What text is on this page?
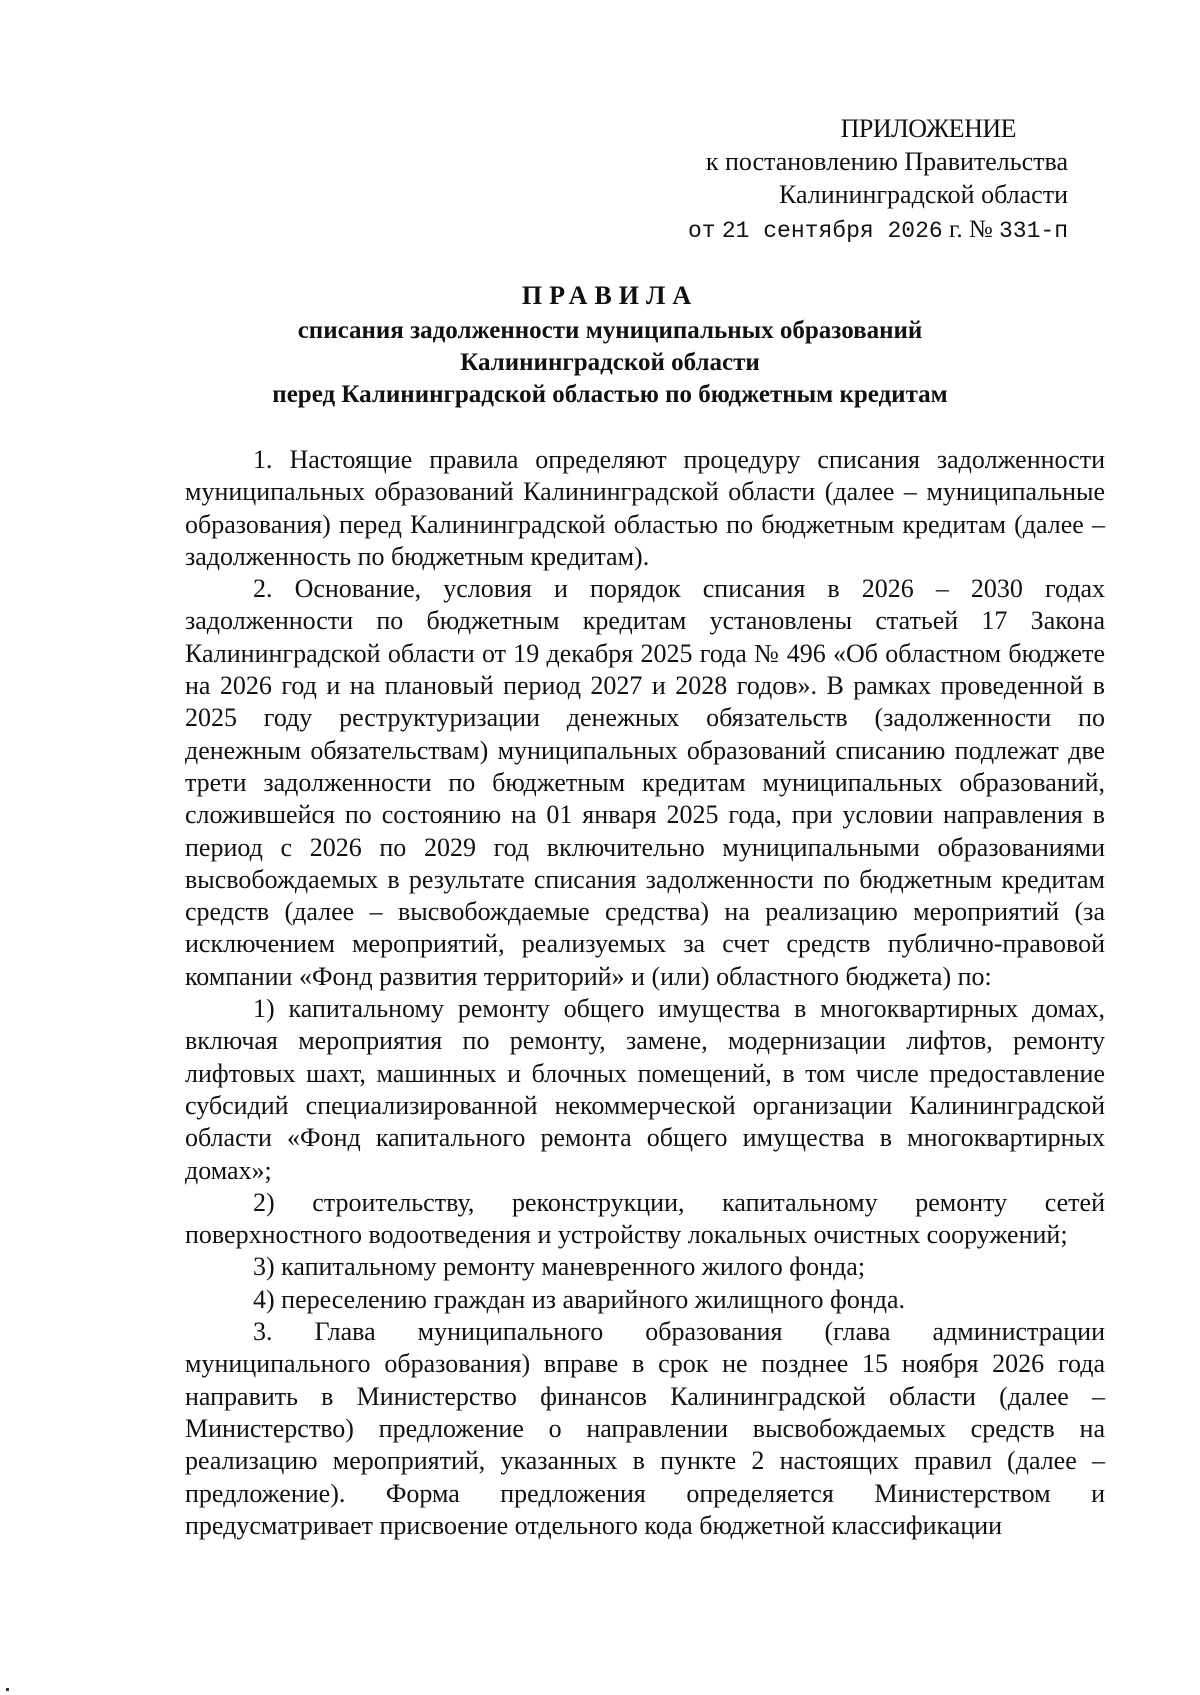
ПРИЛОЖЕНИЕ
к постановлению Правительства
Калининградской области
от 21 сентября 2026 г. № 331-п
ПРАВИЛА
списания задолженности муниципальных образований
Калининградской области
перед Калининградской областью по бюджетным кредитам

1. Настоящие правила определяют процедуру списания задолженности муниципальных образований Калининградской области (далее – муниципальные образования) перед Калининградской областью по бюджетным кредитам (далее – задолженность по бюджетным кредитам).

2. Основание, условия и порядок списания в 2026 – 2030 годах задолженности по бюджетным кредитам установлены статьей 17 Закона Калининградской области от 19 декабря 2025 года № 496 «Об областном бюджете на 2026 год и на плановый период 2027 и 2028 годов». В рамках проведенной в 2025 году реструктуризации денежных обязательств (задолженности по денежным обязательствам) муниципальных образований списанию подлежат две трети задолженности по бюджетным кредитам муниципальных образований, сложившейся по состоянию на 01 января 2025 года, при условии направления в период с 2026 по 2029 год включительно муниципальными образованиями высвобождаемых в результате списания задолженности по бюджетным кредитам средств (далее – высвобождаемые средства) на реализацию мероприятий (за исключением мероприятий, реализуемых за счет средств публично-правовой компании «Фонд развития территорий» и (или) областного бюджета) по:

1) капитальному ремонту общего имущества в многоквартирных домах, включая мероприятия по ремонту, замене, модернизации лифтов, ремонту лифтовых шахт, машинных и блочных помещений, в том числе предоставление субсидий специализированной некоммерческой организации Калининградской области «Фонд капитального ремонта общего имущества в многоквартирных домах»;

2) строительству, реконструкции, капитальному ремонту сетей поверхностного водоотведения и устройству локальных очистных сооружений;

3) капитальному ремонту маневренного жилого фонда;

4) переселению граждан из аварийного жилищного фонда.

3. Глава муниципального образования (глава администрации муниципального образования) вправе в срок не позднее 15 ноября 2026 года направить в Министерство финансов Калининградской области (далее – Министерство) предложение о направлении высвобождаемых средств на реализацию мероприятий, указанных в пункте 2 настоящих правил (далее – предложение). Форма предложения определяется Министерством и предусматривает присвоение отдельного кода бюджетной классификации
